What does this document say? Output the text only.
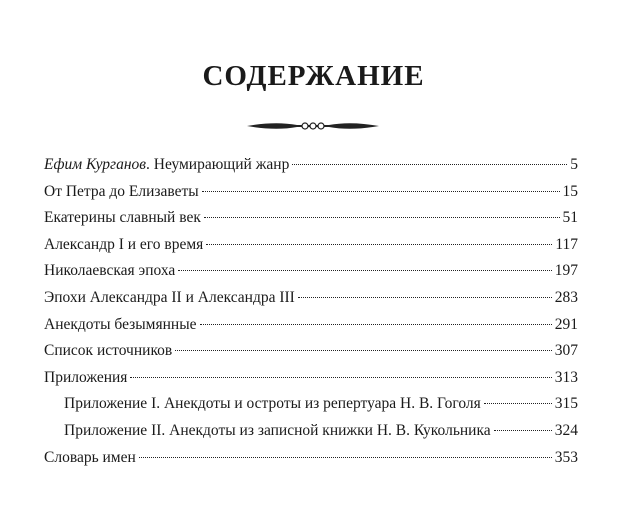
СОДЕРЖАНИЕ
Ефим Курганов. Неумирающий жанр	5
От Петра до Елизаветы	15
Екатерины славный век	51
Александр I и его время	117
Николаевская эпоха	197
Эпохи Александра II и Александра III	283
Анекдоты безымянные	291
Список источников	307
Приложения	313
Приложение I. Анекдоты и остроты из репертуара Н. В. Гоголя	315
Приложение II. Анекдоты из записной книжки Н. В. Кукольника	324
Словарь имен	353
